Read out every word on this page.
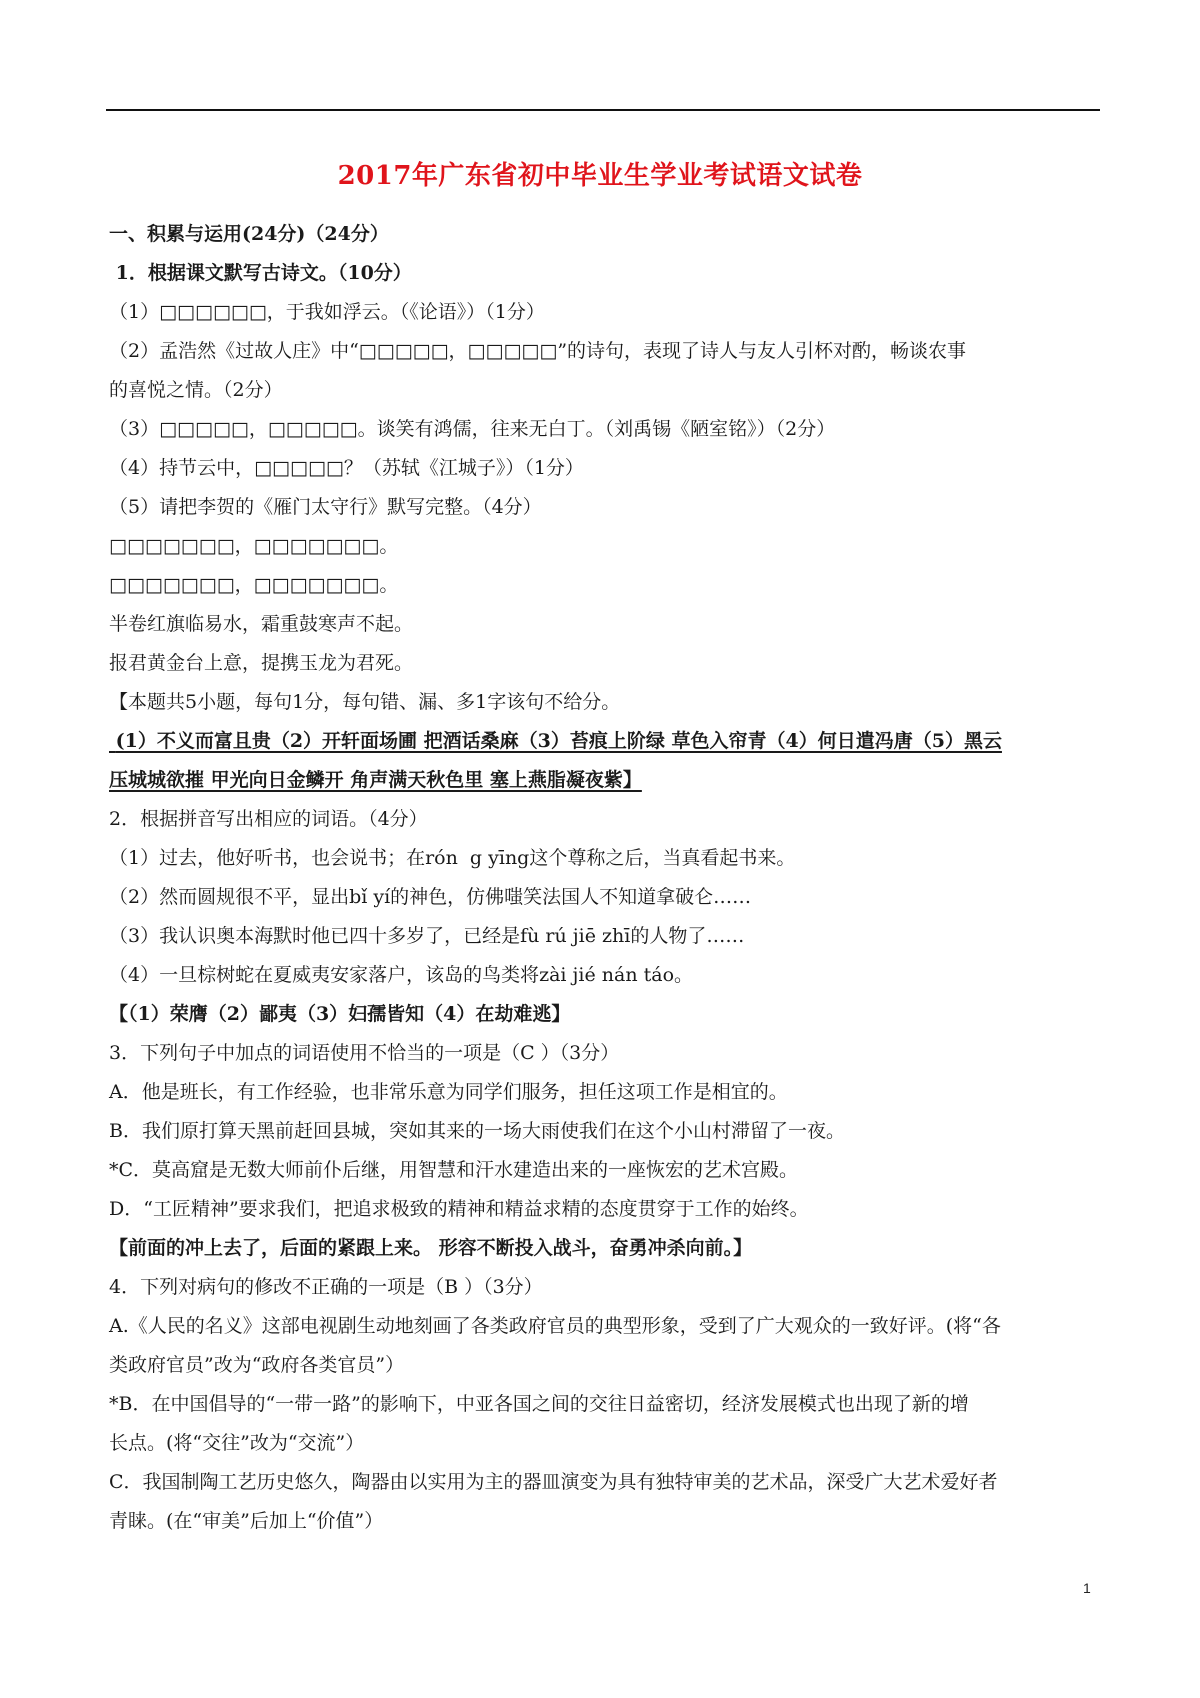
2017年广东省初中毕业生学业考试语文试卷
一、积累与运用(24分)（24分）
1．根据课文默写古诗文。（10分）
（1）□□□□□□，于我如浮云。（《论语》）（1分）
（2）孟浩然《过故人庄》中“□□□□□，□□□□□”的诗句，表现了诗人与友人引杯对酌，畅谈农事
的喜悦之情。（2分）
（3）□□□□□，□□□□□。谈笑有鸿儒，往来无白丁。（刘禹锡《陋室铭》）（2分）
（4）持节云中，□□□□□？（苏轼《江城子》）（1分）
（5）请把李贺的《雁门太守行》默写完整。（4分）
□□□□□□□，□□□□□□□。
□□□□□□□，□□□□□□□。
半卷红旗临易水，霜重鼓寒声不起。
报君黄金台上意，提携玉龙为君死。
【本题共5小题，每句1分，每句错、漏、多1字该句不给分。
(1）不义而富且贵（2）开轩面场圃 把酒话桑麻（3）苔痕上阶绿 草色入帘青（4）何日遣冯唐（5）黑云
压城城欲摧 甲光向日金鳞开 角声满天秋色里 塞上燕脂凝夜紫】
2．根据拼音写出相应的词语。（4分）
（1）过去，他好听书，也会说书；在rón  g yīng这个尊称之后，当真看起书来。
（2）然而圆规很不平，显出bǐ yí的神色，仿佛嗤笑法国人不知道拿破仑……
（3）我认识奥本海默时他已四十多岁了，已经是fù rú jiē zhī的人物了……
（4）一旦棕树蛇在夏威夷安家落户，该岛的鸟类将zài jié nán táo。
【（1）荣膺（2）鄙夷（3）妇孺皆知（4）在劫难逃】
3．下列句子中加点的词语使用不恰当的一项是（C ）（3分）
A．他是班长，有工作经验，也非常乐意为同学们服务，担任这项工作是相宜的。
B．我们原打算天黑前赶回县城，突如其来的一场大雨使我们在这个小山村滞留了一夜。
*C．莫高窟是无数大师前仆后继，用智慧和汗水建造出来的一座恢宏的艺术宫殿。
D．“工匠精神”要求我们，把追求极致的精神和精益求精的态度贯穿于工作的始终。
【前面的冲上去了，后面的紧跟上来。 形容不断投入战斗，奋勇冲杀向前。】
4．下列对病句的修改不正确的一项是（B ）（3分）
A.《人民的名义》这部电视剧生动地刻画了各类政府官员的典型形象，受到了广大观众的一致好评。(将“各
类政府官员”改为“政府各类官员”）
*B．在中国倡导的“一带一路”的影响下，中亚各国之间的交往日益密切，经济发展模式也出现了新的增
长点。(将“交往”改为“交流”）
C．我国制陶工艺历史悠久，陶器由以实用为主的器皿演变为具有独特审美的艺术品，深受广大艺术爱好者
青睐。(在“审美”后加上“价值”）
1
